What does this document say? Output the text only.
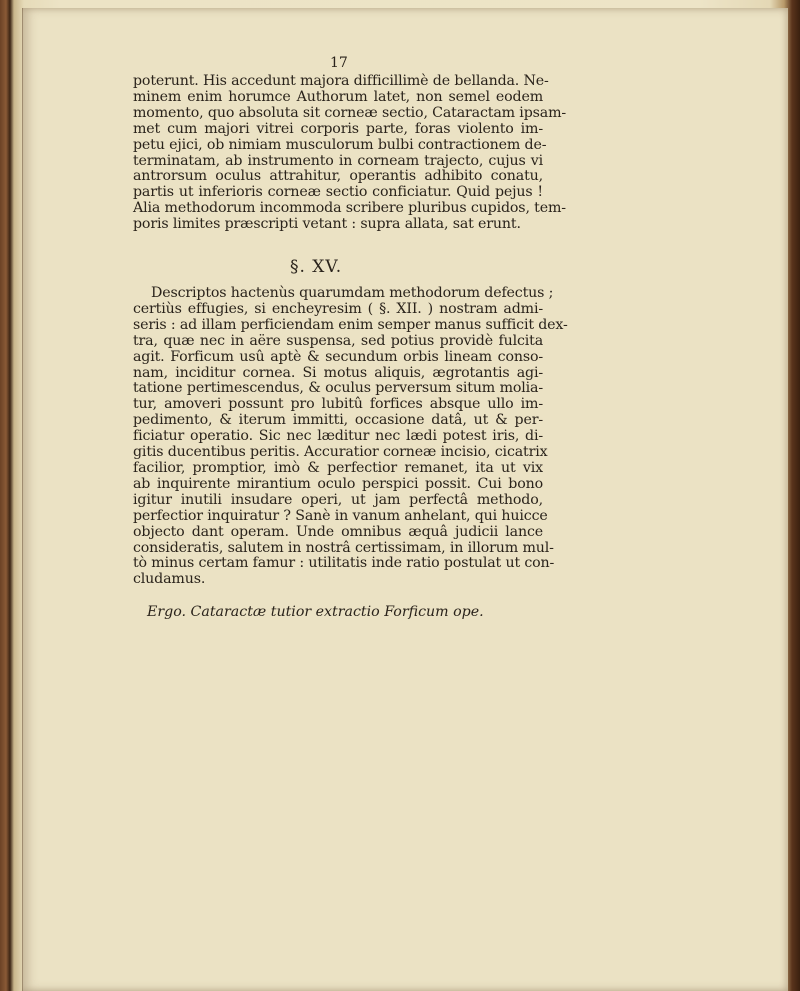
17
poterunt. His accedunt majora difficillimè de bellanda. Ne-
minem enim horumce Authorum latet, non semel eodem
momento, quo absoluta sit corneæ sectio, Cataractam ipsam-
met cum majori vitrei corporis parte, foras violento im-
petu ejici, ob nimiam musculorum bulbi contractionem de-
terminatam, ab instrumento in corneam trajecto, cujus vi
antrorsum oculus attrahitur, operantis adhibito conatu,
partis ut inferioris corneæ sectio conficiatur. Quid pejus !
Alia methodorum incommoda scribere pluribus cupidos, tem-
poris limites præscripti vetant : supra allata, sat erunt.
§. XV.
Descriptos hactenùs quarumdam methodorum defectus ;
certiùs effugies, si encheyresim ( §. XII. ) nostram admi-
seris : ad illam perficiendam enim semper manus sufficit dex-
tra, quæ nec in aëre suspensa, sed potius providè fulcita
agit. Forficum usû aptè & secundum orbis lineam conso-
nam, inciditur cornea. Si motus aliquis, ægrotantis agi-
tatione pertimescendus, & oculus perversum situm molia-
tur, amoveri possunt pro lubitû forfices absque ullo im-
pedimento, & iterum immitti, occasione datâ, ut & per-
ficiatur operatio. Sic nec læditur nec lædi potest iris, di-
gitis ducentibus peritis. Accuratior corneæ incisio, cicatrix
facilior, promptior, imò & perfectior remanet, ita ut vix
ab inquirente mirantium oculo perspici possit. Cui bono
igitur inutili insudare operi, ut jam perfectâ methodo,
perfectior inquiratur ? Sanè in vanum anhelant, qui huicce
objecto dant operam. Unde omnibus æquâ judicii lance
consideratis, salutem in nostrâ certissimam, in illorum mul-
tò minus certam famur : utilitatis inde ratio postulat ut con-
cludamus.
Ergo. Cataractæ tutior extractio Forficum ope.
